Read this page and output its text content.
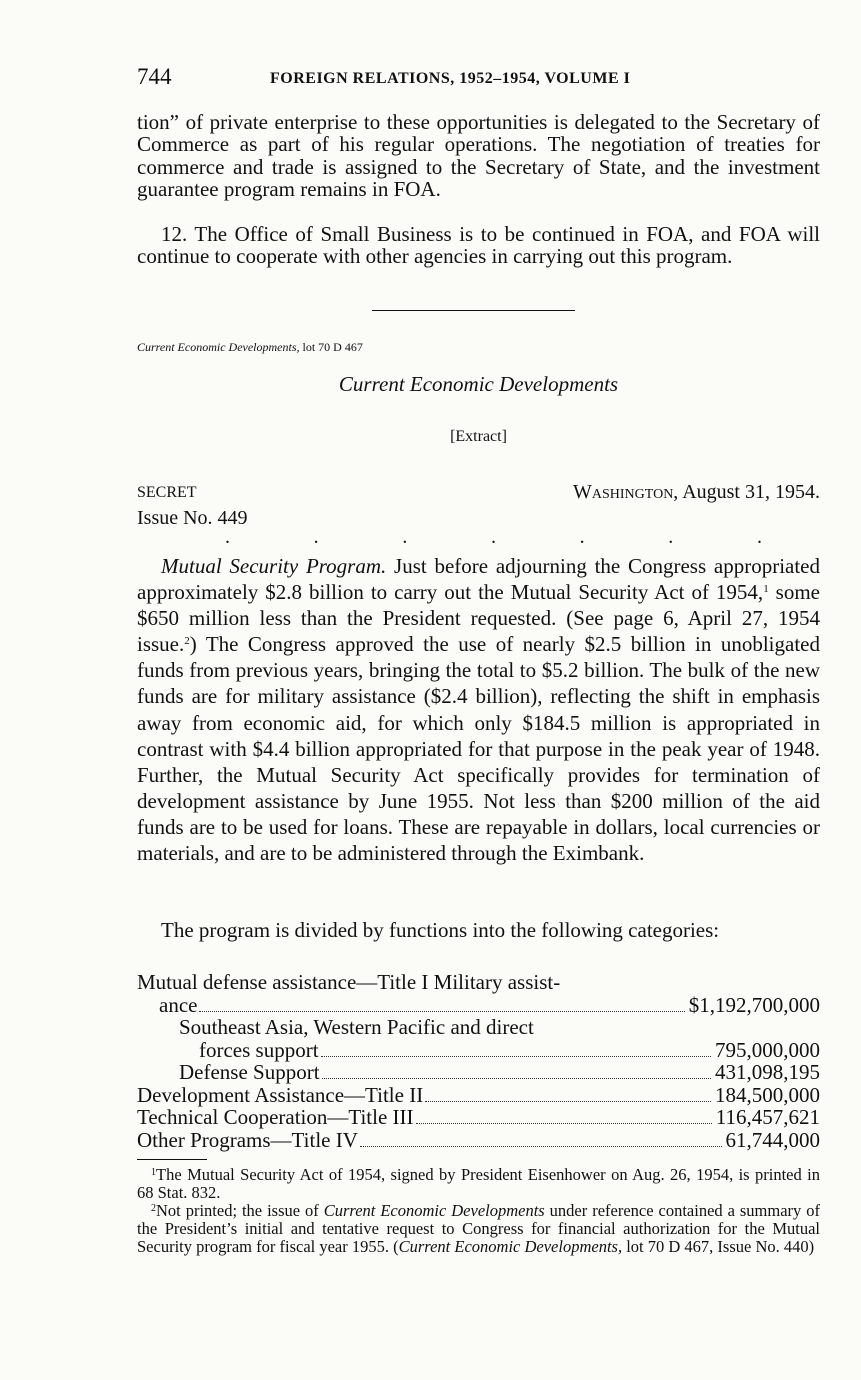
744	FOREIGN RELATIONS, 1952–1954, VOLUME I

tion” of private enterprise to these opportunities is delegated to the Secretary of Commerce as part of his regular operations. The negotiation of treaties for commerce and trade is assigned to the Secretary of State, and the investment guarantee program remains in FOA.

12. The Office of Small Business is to be continued in FOA, and FOA will continue to cooperate with other agencies in carrying out this program.

Current Economic Developments, lot 70 D 467
Current Economic Developments
[Extract]
SECRET	Washington, August 31, 1954.
Issue No. 449
.	.	.	.	.	.	.

Mutual Security Program. Just before adjourning the Congress appropriated approximately $2.8 billion to carry out the Mutual Security Act of 1954,$^1$ some $650 million less than the President requested. (See page 6, April 27, 1954 issue.$^2$) The Congress approved the use of nearly $2.5 billion in unobligated funds from previous years, bringing the total to $5.2 billion. The bulk of the new funds are for military assistance ($2.4 billion), reflecting the shift in emphasis away from economic aid, for which only $184.5 million is appropriated in contrast with $4.4 billion appropriated for that purpose in the peak year of 1948. Further, the Mutual Security Act specifically provides for termination of development assistance by June 1955. Not less than $200 million of the aid funds are to be used for loans. These are repayable in dollars, local currencies or materials, and are to be administered through the Eximbank.

The program is divided by functions into the following categories:

Mutual defense assistance—Title I Military assist-
ance	$1,192,700,000
Southeast Asia, Western Pacific and direct
forces support	795,000,000
Defense Support	431,098,195
Development Assistance—Title II	184,500,000
Technical Cooperation—Title III	116,457,621
Other Programs—Title IV	61,744,000

$^1$The Mutual Security Act of 1954, signed by President Eisenhower on Aug. 26, 1954, is printed in 68 Stat. 832.

$^2$Not printed; the issue of Current Economic Developments under reference contained a summary of the President’s initial and tentative request to Congress for financial authorization for the Mutual Security program for fiscal year 1955. (Current Economic Developments, lot 70 D 467, Issue No. 440)
